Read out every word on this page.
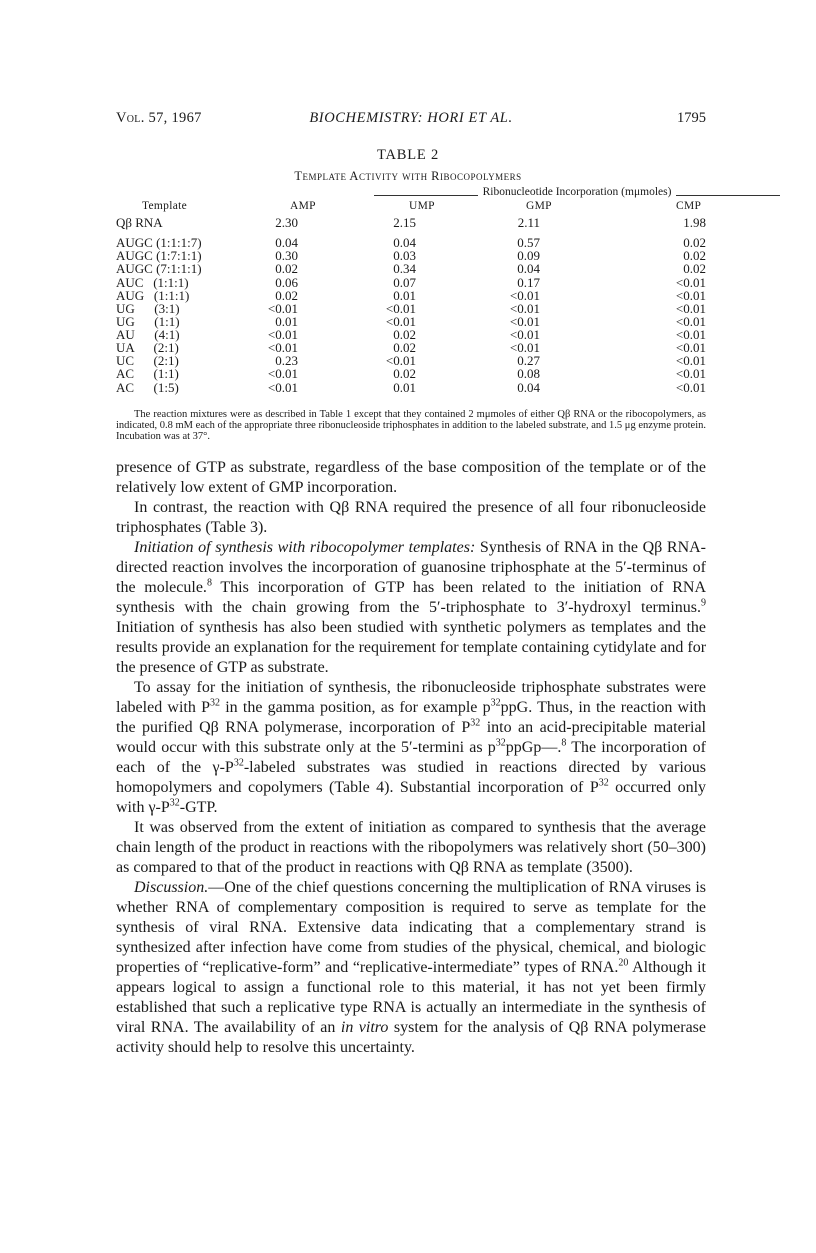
Vol. 57, 1967	BIOCHEMISTRY: HORI ET AL.	1795
TABLE 2
Template Activity with Ribocopolymers
Ribonucleotide Incorporation (mμmoles)
Template	AMP	UMP	GMP	CMP
Qβ RNA	2.30	2.15	2.11	1.98
AUGC (1:1:1:7)	0.04	0.04	0.57	0.02
AUGC (1:7:1:1)	0.30	0.03	0.09	0.02
AUGC (7:1:1:1)	0.02	0.34	0.04	0.02
AUC   (1:1:1)	0.06	0.07	0.17	<0.01
AUG   (1:1:1)	0.02	0.01	<0.01	<0.01
UG      (3:1)	<0.01	<0.01	<0.01	<0.01
UG      (1:1)	0.01	<0.01	<0.01	<0.01
AU      (4:1)	<0.01	0.02	<0.01	<0.01
UA      (2:1)	<0.01	0.02	<0.01	<0.01
UC      (2:1)	0.23	<0.01	0.27	<0.01
AC      (1:1)	<0.01	0.02	0.08	<0.01
AC      (1:5)	<0.01	0.01	0.04	<0.01
The reaction mixtures were as described in Table 1 except that they contained 2 mμmoles of either Qβ RNA or the ribocopolymers, as indicated, 0.8 mM each of the appropriate three ribonucleoside triphosphates in addition to the labeled substrate, and 1.5 μg enzyme protein. Incubation was at 37°.

presence of GTP as substrate, regardless of the base composition of the template or of the relatively low extent of GMP incorporation.

In contrast, the reaction with Qβ RNA required the presence of all four ribonucleoside triphosphates (Table 3).

Initiation of synthesis with ribocopolymer templates: Synthesis of RNA in the Qβ RNA-directed reaction involves the incorporation of guanosine triphosphate at the 5′-terminus of the molecule.$^8$ This incorporation of GTP has been related to the initiation of RNA synthesis with the chain growing from the 5′-triphosphate to 3′-hydroxyl terminus.$^9$ Initiation of synthesis has also been studied with synthetic polymers as templates and the results provide an explanation for the requirement for template containing cytidylate and for the presence of GTP as substrate.

To assay for the initiation of synthesis, the ribonucleoside triphosphate substrates were labeled with $P^{32}$ in the gamma position, as for example $p^{32}ppG$. Thus, in the reaction with the purified Qβ RNA polymerase, incorporation of $P^{32}$ into an acid-precipitable material would occur with this substrate only at the 5′-termini as $p^{32}ppGp—.^8$ The incorporation of each of the $\gamma-P^{32}$-labeled substrates was studied in reactions directed by various homopolymers and copolymers (Table 4). Substantial incorporation of $P^{32}$ occurred only with $\gamma-P^{32}$-GTP.

It was observed from the extent of initiation as compared to synthesis that the average chain length of the product in reactions with the ribopolymers was relatively short (50–300) as compared to that of the product in reactions with Qβ RNA as template (3500).

Discussion.—One of the chief questions concerning the multiplication of RNA viruses is whether RNA of complementary composition is required to serve as template for the synthesis of viral RNA. Extensive data indicating that a complementary strand is synthesized after infection have come from studies of the physical, chemical, and biologic properties of “replicative-form” and “replicative-intermediate” types of RNA.$^{20}$ Although it appears logical to assign a functional role to this material, it has not yet been firmly established that such a replicative type RNA is actually an intermediate in the synthesis of viral RNA. The availability of an in vitro system for the analysis of Qβ RNA polymerase activity should help to resolve this uncertainty.
